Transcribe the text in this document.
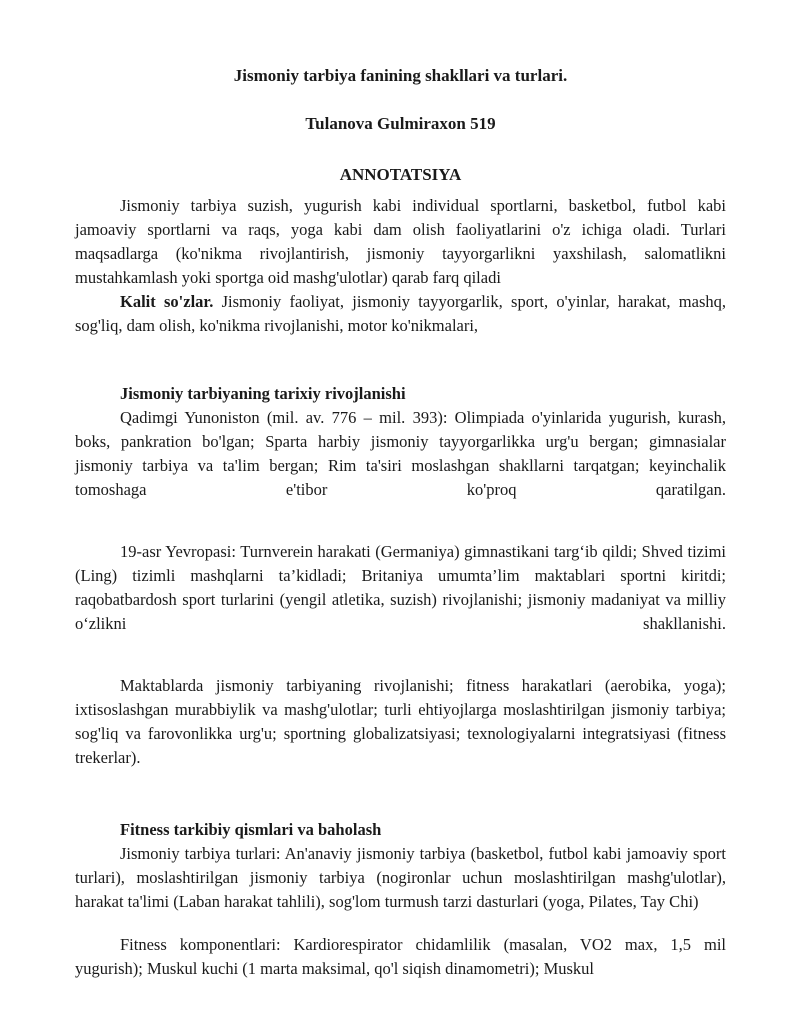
Jismoniy tarbiya fanining shakllari va turlari.

Tulanova Gulmiraxon 519

ANNOTATSIYA

Jismoniy tarbiya suzish, yugurish kabi individual sportlarni, basketbol, futbol kabi jamoaviy sportlarni va raqs, yoga kabi dam olish faoliyatlarini o'z ichiga oladi. Turlari maqsadlarga (ko'nikma rivojlantirish, jismoniy tayyorgarlikni yaxshilash, salomatlikni mustahkamlash yoki sportga oid mashg'ulotlar) qarab farq qiladi

Kalit so'zlar. Jismoniy faoliyat, jismoniy tayyorgarlik, sport, o'yinlar, harakat, mashq, sog'liq, dam olish, ko'nikma rivojlanishi, motor ko'nikmalari,

Jismoniy tarbiyaning tarixiy rivojlanishi

Qadimgi Yunoniston (mil. av. 776 – mil. 393): Olimpiada o'yinlarida yugurish, kurash, boks, pankration bo'lgan; Sparta harbiy jismoniy tayyorgarlikka urg'u bergan; gimnasialar jismoniy tarbiya va ta'lim bergan; Rim ta'siri moslashgan shakllarni tarqatgan; keyinchalik tomoshaga e'tibor ko'proq qaratilgan.

19-asr Yevropasi: Turnverein harakati (Germaniya) gimnastikani targʻib qildi; Shved tizimi (Ling) tizimli mashqlarni ta’kidladi; Britaniya umumta’lim maktablari sportni kiritdi; raqobatbardosh sport turlarini (yengil atletika, suzish) rivojlanishi; jismoniy madaniyat va milliy oʻzlikni shakllanishi.

Maktablarda jismoniy tarbiyaning rivojlanishi; fitness harakatlari (aerobika, yoga); ixtisoslashgan murabbiylik va mashg'ulotlar; turli ehtiyojlarga moslashtirilgan jismoniy tarbiya; sog'liq va farovonlikka urg'u; sportning globalizatsiyasi; texnologiyalarni integratsiyasi (fitness trekerlar).

Fitness tarkibiy qismlari va baholash

Jismoniy tarbiya turlari: An'anaviy jismoniy tarbiya (basketbol, futbol kabi jamoaviy sport turlari), moslashtirilgan jismoniy tarbiya (nogironlar uchun moslashtirilgan mashg'ulotlar), harakat ta'limi (Laban harakat tahlili), sog'lom turmush tarzi dasturlari (yoga, Pilates, Tay Chi)

Fitness komponentlari: Kardiorespirator chidamlilik (masalan, VO2 max, 1,5 mil yugurish); Muskul kuchi (1 marta maksimal, qo'l siqish dinamometri); Muskul
